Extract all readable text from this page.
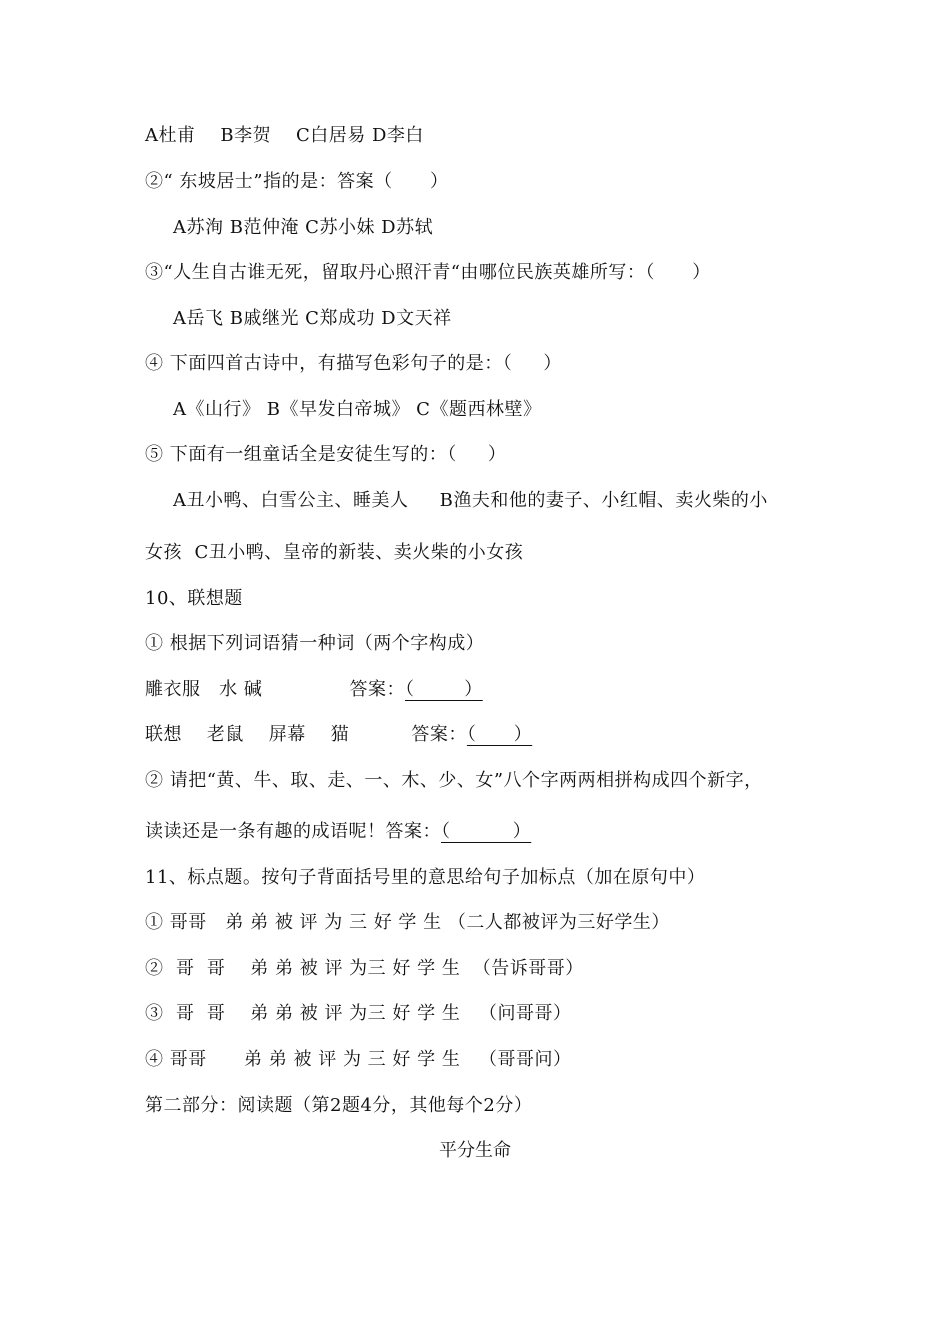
A杜甫    B李贺    C白居易 D李白
②“ 东坡居士”指的是：答案（      ）
A苏洵 B范仲淹 C苏小妹 D苏轼
③“人生自古谁无死，留取丹心照汗青“由哪位民族英雄所写：（      ）
A岳飞 B戚继光 C郑成功 D文天祥
④ 下面四首古诗中，有描写色彩句子的是：（     ）
A《山行》 B《早发白帝城》 C《题西林壁》
⑤ 下面有一组童话全是安徒生写的：（     ）
A丑小鸭、白雪公主、睡美人     B渔夫和他的妻子、小红帽、卖火柴的小
女孩  C丑小鸭、皇帝的新装、卖火柴的小女孩
10、联想题
① 根据下列词语猜一种词（两个字构成）
雕衣服   水 碱              答案：（        ）
联想    老鼠    屏幕    猫          答案：（      ）
② 请把“黄、牛、取、走、一、木、少、女”八个字两两相拼构成四个新字，
读读还是一条有趣的成语呢！答案：（          ）
11、标点题。按句子背面括号里的意思给句子加标点（加在原句中）
① 哥哥   弟 弟 被 评 为 三 好 学 生 （二人都被评为三好学生）
②  哥  哥    弟 弟 被 评 为三 好 学 生  （告诉哥哥）
③  哥  哥    弟 弟 被 评 为三 好 学 生   （问哥哥）
④ 哥哥      弟 弟 被 评 为 三 好 学 生   （哥哥问）
第二部分：阅读题（第2题4分，其他每个2分）
平分生命
